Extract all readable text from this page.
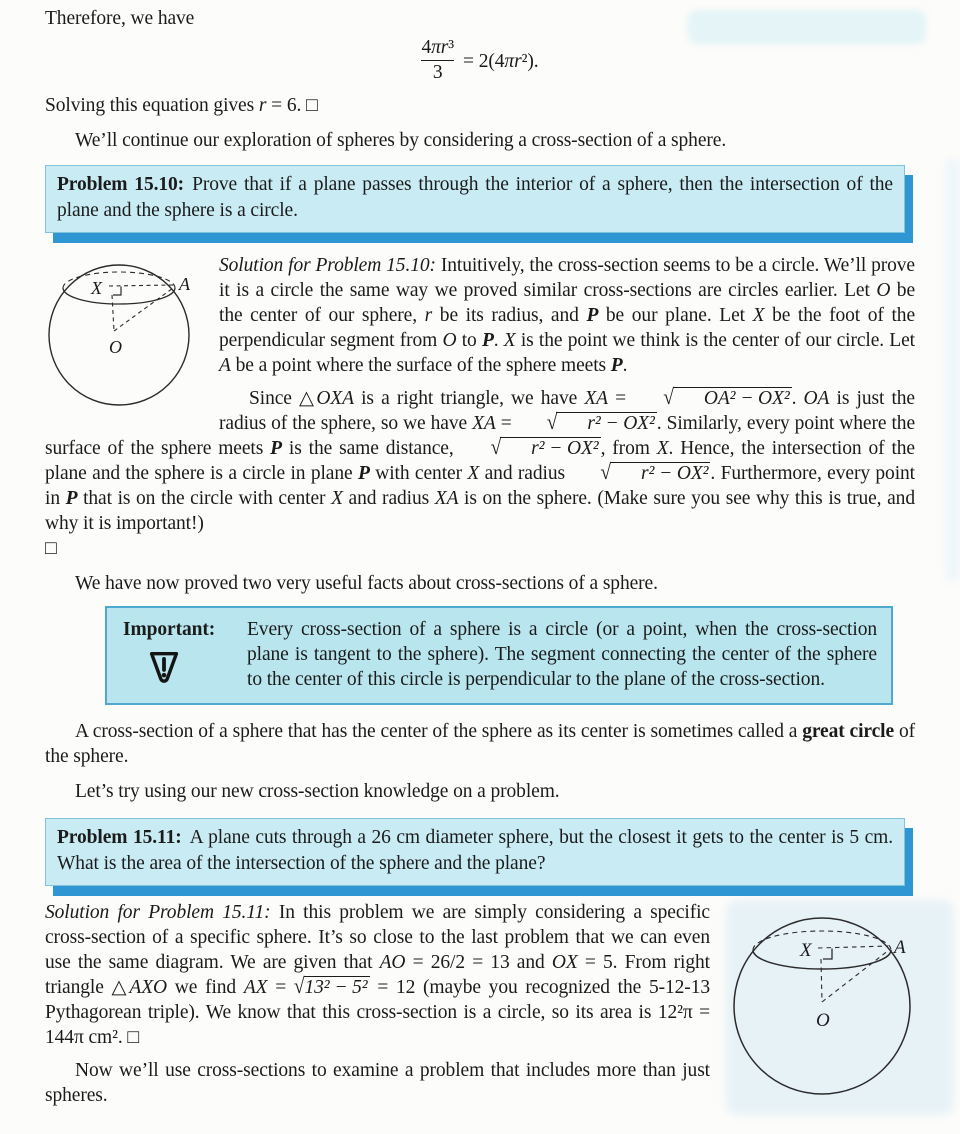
Therefore, we have

$\frac{\text{4πr³}}{3} = 2(4\pi r^2)$.

Solving this equation gives r = 6. □

We’ll continue our exploration of spheres by considering a cross-section of a sphere.

Problem 15.10: Prove that if a plane passes through the interior of a sphere, then the intersection of the plane and the sphere is a circle.
X	A
O

Solution for Problem 15.10: Intuitively, the cross-section seems to be a circle. We’ll prove it is a circle the same way we proved similar cross-sections are circles earlier. Let O be the center of our sphere, r be its radius, and P be our plane. Let X be the foot of the perpendicular segment from O to P. X is the point we think is the center of our circle. Let A be a point where the surface of the sphere meets P.

Since △OXA is a right triangle, we have XA = √ OA² − OX² . OA is just the radius of the sphere, so we have XA = √ r² − OX² . Similarly, every point where the surface of the sphere meets P is the same distance, √ r² − OX² , from X. Hence, the intersection of the plane and the sphere is a circle in plane P with center X and radius √ r² − OX² . Furthermore, every point in P that is on the circle with center X and radius XA is on the sphere. (Make sure you see why this is true, and why it is important!)

□

We have now proved two very useful facts about cross-sections of a sphere.

Important:	Every cross-section of a sphere is a circle (or a point, when the cross-section plane is tangent to the sphere). The segment connecting the center of the sphere to the center of this circle is perpendicular to the plane of the cross-section.

A cross-section of a sphere that has the center of the sphere as its center is sometimes called a great circle of the sphere.

Let’s try using our new cross-section knowledge on a problem.

Problem 15.11: A plane cuts through a 26 cm diameter sphere, but the closest it gets to the center is 5 cm. What is the area of the intersection of the sphere and the plane?
X	A
O

Solution for Problem 15.11: In this problem we are simply considering a specific cross-section of a specific sphere. It’s so close to the last problem that we can even use the same diagram. We are given that AO = 26/2 = 13 and OX = 5. From right triangle △AXO we find AX = √13² − 5² = 12 (maybe you recognized the 5-12-13 Pythagorean triple). We know that this cross-section is a circle, so its area is 12²π = 144π cm². □

Now we’ll use cross-sections to examine a problem that includes more than just spheres.
